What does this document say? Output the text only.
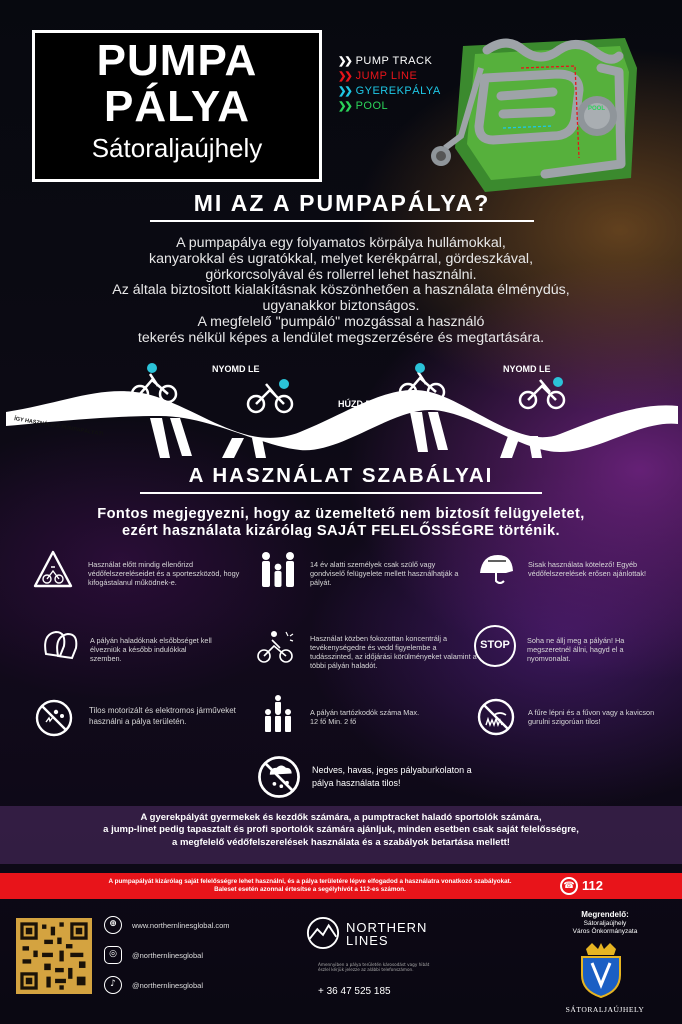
PUMPA
PÁLYA
Sátoraljaújhely
❯❯ PUMP TRACK
❯❯ JUMP LINE
❯❯ GYEREKPÁLYA
❯❯ POOL	POOL
MI AZ A PUMPAPÁLYA?
A pumpapálya egy folyamatos körpálya hullámokkal,
kanyarokkal és ugratókkal, melyet kerékpárral, gördeszkával,
görkorcsolyával és rollerrel lehet használni.
Az általa biztositott kialakításnak köszönhetően a használata élménydús,
ugyanakkor biztonságos.
A megfelelő "pumpáló" mozgással a használó
tekerés nélkül képes a lendület megszerzésére és megtartására.
ÍGY HASZNÁLD A PUMPAPÁLYÁT!
HÚZD FEL
NYOMD LE
HÚZD FEL
NYOMD LE
A HASZNÁLAT SZABÁLYAI
Fontos megjegyezni, hogy az üzemeltető nem biztosít felügyeletet,
ezért használata kizárólag SAJÁT FELELŐSSÉGRE történik.
Használat előtt mindig ellenőrizd védőfelszereléseidet és a sporteszközöd, hogy kifogástalanul működnek-e.
14 év alatti személyek csak szülő vagy gondviselő felügyelete mellett használhatják a pályát.
Sisak használata kötelező! Egyéb védőfelszerelések erősen ajánlottak!
A pályán haladóknak elsőbbséget kell élvezniük a később indulókkal szemben.
Használat közben fokozottan koncentrálj a tevékenységedre és vedd figyelembe a tudásszinted, az időjárási körülményeket valamint a többi pályán haladót.
STOP	Soha ne állj meg a pályán! Ha megszeretnél állni, hagyd el a nyomvonalat.
Tilos motorizált és elektromos járműveket használni a pálya területén.
A pályán tartózkodók száma Max. 12 fő Min. 2 fő
A fűre lépni és a fűvon vagy a kavicson gurulni szigorúan tilos!
Nedves, havas, jeges pályaburkolaton a pálya használata tilos!
A gyerekpályát gyermekek és kezdők számára, a pumptracket haladó sportolók számára,
a jump-linet pedig tapasztalt és profi sportolók számára ajánljuk, minden esetben csak saját felelősségre,
a megfelelő védőfelszerelések használata és a szabályok betartása mellett!
A pumpapályát kizárólag saját felelősségre lehet használni, és a pálya területére lépve elfogadod a használatra vonatkozó szabályokat.
Baleset esetén azonnal értesítse a segélyhívót a 112-es számon.	☎ 112
⊕	www.northernlinesglobal.com
◎	@northernlinesglobal
♪	@northernlinesglobal
NORTHERN
LINES
Amennyiben a pálya területén károsodást vagy hibát észlel kérjük jelezze az alábbi telefonszámon.
+ 36 47 525 185
Megrendelő:
Sátoraljaújhely
Város Önkormányzata
SÁTORALJAÚJHELY
